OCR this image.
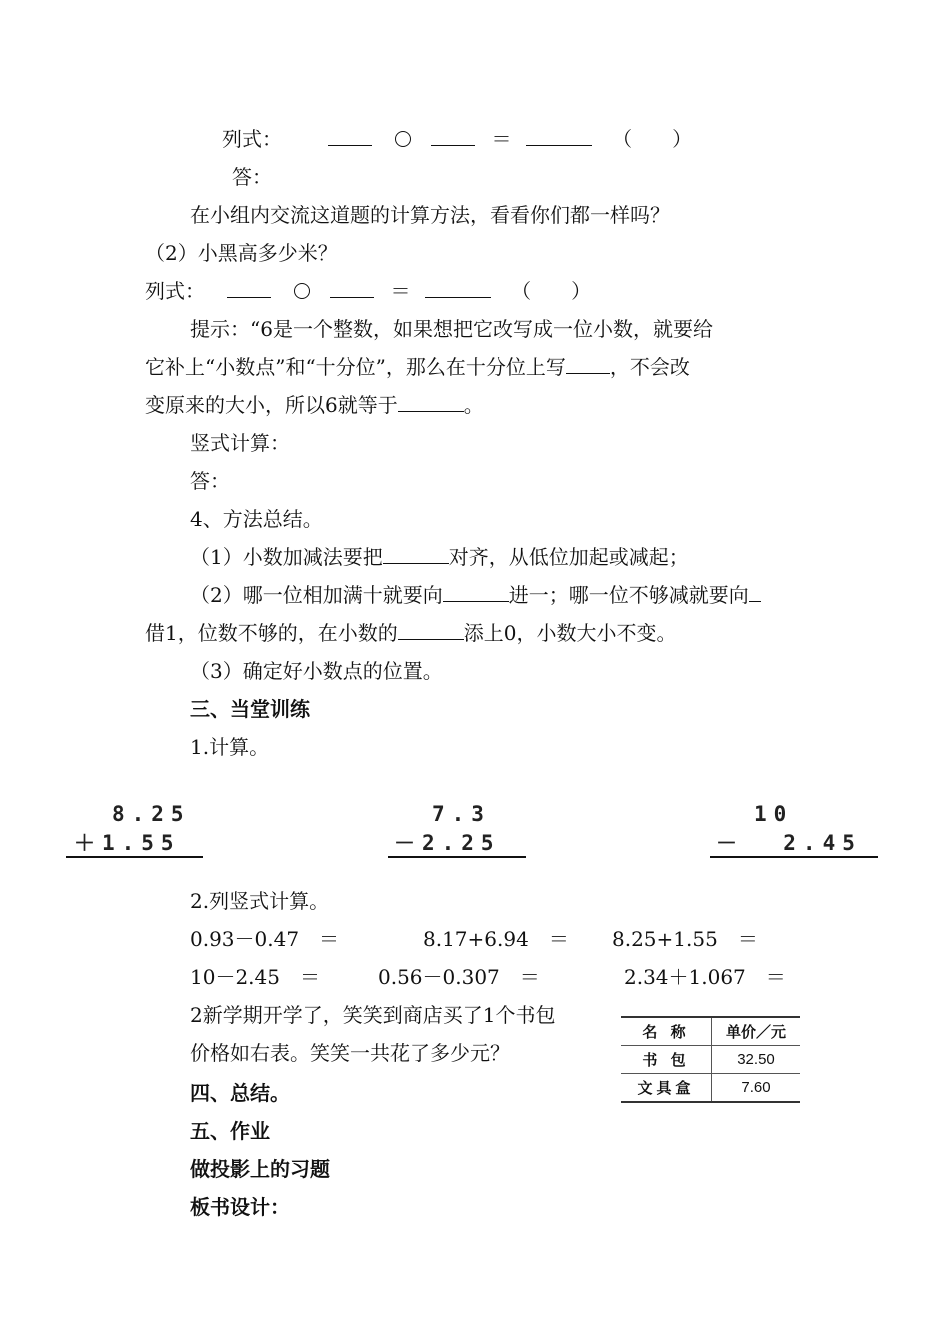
列式：	＝	（　　）
答：
在小组内交流这道题的计算方法，看看你们都一样吗？
（2）小黑高多少米？
列式：	＝	（　　）
提示：“6是一个整数，如果想把它改写成一位小数，就要给
它补上“小数点”和“十分位”，那么在十分位上写 ，不会改
变原来的大小，所以6就等于	。
竖式计算：
答：
4、方法总结。
（1）小数加减法要把	对齐，从低位加起或减起；
（2）哪一位相加满十就要向	进一；哪一位不够减就要向
借1，位数不够的，在小数的	添上0，小数大小不变。
（3）确定好小数点的位置。
三、当堂训练
1.计算。
8.25
＋1.55
7.3
－2.25
10
－  2.45
2.列竖式计算。
0.93－0.47　＝	8.17+6.94　＝ 8.25+1.55　＝
10－2.45　＝	0.56－0.307　＝	2.34＋1.067　＝
2新学期开学了，笑笑到商店买了1个书包
价格如右表。笑笑一共花了多少元？
名 称	单价／元
书 包	32.50
文具盒	7.60
四、总结。
五、作业
做投影上的习题
板书设计：
